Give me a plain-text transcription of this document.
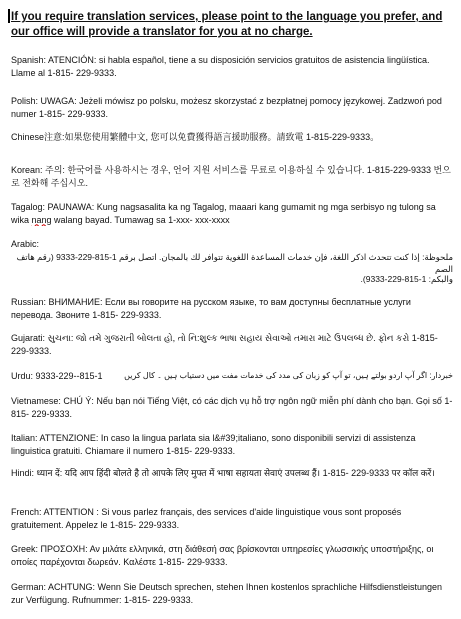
If you require translation services, please point to the language you prefer, and our office will provide a translator for you at no charge.
Spanish: ATENCIÓN: si habla español, tiene a su disposición servicios gratuitos de asistencia lingüística. Llame al 1-815- 229-9333.
Polish: UWAGA: Jeżeli mówisz po polsku, możesz skorzystać z bezpłatnej pomocy językowej. Zadzwoń pod numer 1-815- 229-9333.
Chinese注意:如果您使用繁體中文, 您可以免費獲得語言援助服務。請致電 1-815-229-9333。
Korean: 주의: 한국어를 사용하시는 경우, 언어 지원 서비스를 무료로 이용하실 수 있습니다. 1-815-229-9333 번으로 전화해 주십시오.
Tagalog: PAUNAWA: Kung nagsasalita ka ng Tagalog, maaari kang gumamit ng mga serbisyo ng tulong sa wika nang walang bayad. Tumawag sa 1-xxx- xxx-xxxx
Arabic:
ملحوظة: إذا كنت تتحدث اذكر اللغة، فإن خدمات المساعدة اللغوية تتوافر لك بالمجان. اتصل برقم 1-815-229-9333 (رقم هاتف الصم
والبكم: 1-815-229-9333).
Russian: ВНИМАНИЕ: Если вы говорите на русском языке, то вам доступны бесплатные услуги перевода. Звоните 1-815- 229-9333.
Gujarati: સુચના: જો તમે ગુજરાતી બોલતા હો, તો નિ:શુલ્ક ભાષા સહાય સેવાઓ તમારા માટે ઉપલબ્ધ છે. ફોન કરો 1-815- 229-9333.
Urdu: 9333-229--815-1	خبردار: اگر آپ اردو بولتے ہیں، تو آپ کو زبان کی مدد کی خدمات مفت میں دستیاب ہیں ۔ کال کریں
Vietnamese: CHÚ Ý: Nếu bạn nói Tiếng Việt, có các dịch vụ hỗ trợ ngôn ngữ miễn phí dành cho bạn. Gọi số 1-815- 229-9333.
Italian: ATTENZIONE: In caso la lingua parlata sia l&#39;italiano, sono disponibili servizi di assistenza linguistica gratuiti. Chiamare il numero 1-815- 229-9333.
Hindi: ध्यान दें: यदि आप हिंदी बोलते है तो आपके लिए मुफ्त में भाषा सहायता सेवाएं उपलब्ध हैं। 1-815- 229-9333 पर कॉल करें।
French: ATTENTION : Si vous parlez français, des services d'aide linguistique vous sont proposés gratuitement. Appelez le 1-815- 229-9333.
Greek: ΠΡΟΣΟΧΗ: Αν μιλάτε ελληνικά, στη διάθεσή σας βρίσκονται υπηρεσίες γλωσσικής υποστήριξης, οι οποίες παρέχονται δωρεάν. Καλέστε 1-815- 229-9333.
German: ACHTUNG: Wenn Sie Deutsch sprechen, stehen Ihnen kostenlos sprachliche Hilfsdienstleistungen zur Verfügung. Rufnummer: 1-815- 229-9333.
